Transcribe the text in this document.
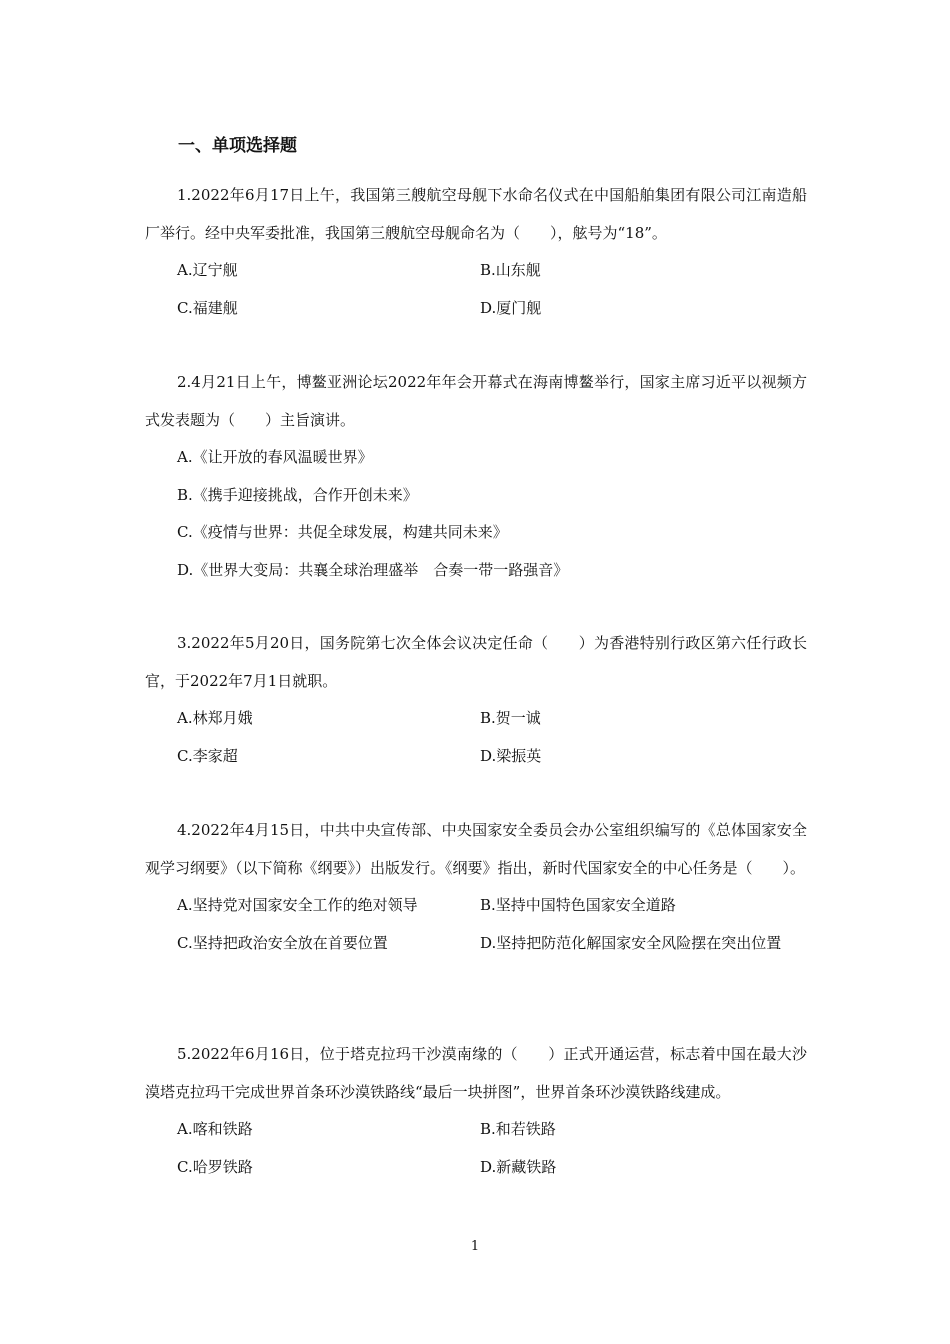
一、单项选择题

1.2022年6月17日上午，我国第三艘航空母舰下水命名仪式在中国船舶集团有限公司江南造船厂举行。经中央军委批准，我国第三艘航空母舰命名为（　　），舷号为“18”。

A.辽宁舰	B.山东舰
C.福建舰	D.厦门舰

2.4月21日上午，博鳌亚洲论坛2022年年会开幕式在海南博鳌举行，国家主席习近平以视频方式发表题为（　　）主旨演讲。

A.《让开放的春风温暖世界》
B.《携手迎接挑战，合作开创未来》
C.《疫情与世界：共促全球发展，构建共同未来》
D.《世界大变局：共襄全球治理盛举　合奏一带一路强音》

3.2022年5月20日，国务院第七次全体会议决定任命（　　）为香港特别行政区第六任行政长官，于2022年7月1日就职。

A.林郑月娥	B.贺一诚
C.李家超	D.梁振英

4.2022年4月15日，中共中央宣传部、中央国家安全委员会办公室组织编写的《总体国家安全观学习纲要》（以下简称《纲要》）出版发行。《纲要》指出，新时代国家安全的中心任务是（　　）。

A.坚持党对国家安全工作的绝对领导	B.坚持中国特色国家安全道路
C.坚持把政治安全放在首要位置	D.坚持把防范化解国家安全风险摆在突出位置

5.2022年6月16日，位于塔克拉玛干沙漠南缘的（　　）正式开通运营，标志着中国在最大沙漠塔克拉玛干完成世界首条环沙漠铁路线“最后一块拼图”，世界首条环沙漠铁路线建成。

A.喀和铁路	B.和若铁路
C.哈罗铁路	D.新藏铁路
1
